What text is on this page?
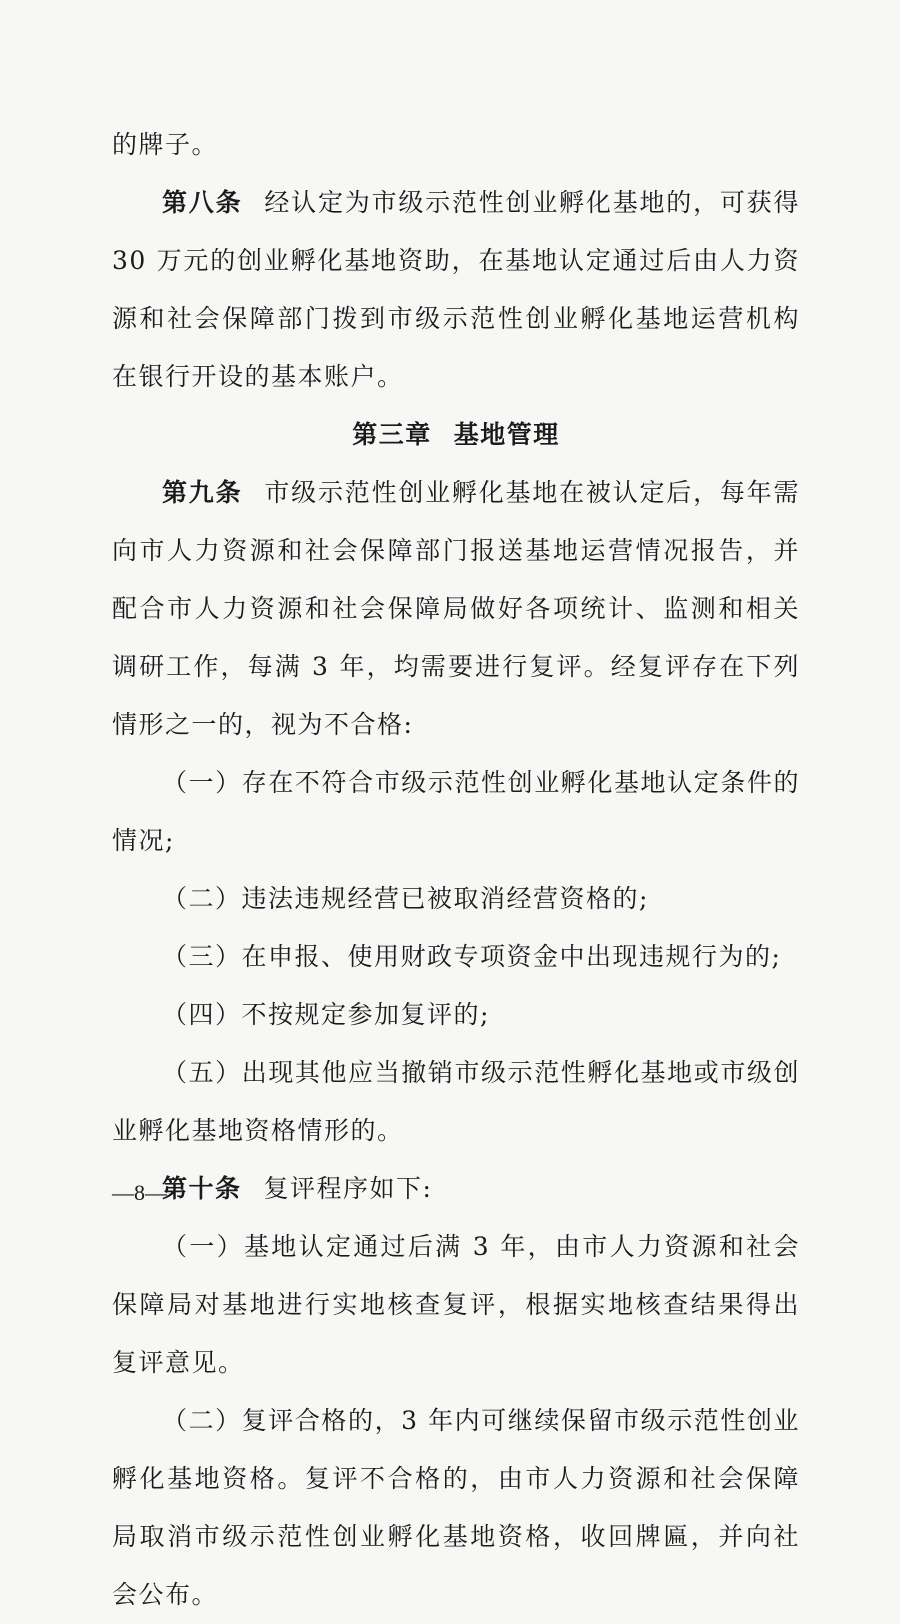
的牌子。

第八条 经认定为市级示范性创业孵化基地的，可获得 30 万元的创业孵化基地资助，在基地认定通过后由人力资源和社会保障部门拨到市级示范性创业孵化基地运营机构在银行开设的基本账户。

第三章 基地管理

第九条 市级示范性创业孵化基地在被认定后，每年需向市人力资源和社会保障部门报送基地运营情况报告，并配合市人力资源和社会保障局做好各项统计、监测和相关调研工作，每满 3 年，均需要进行复评。经复评存在下列情形之一的，视为不合格:

（一）存在不符合市级示范性创业孵化基地认定条件的情况;

（二）违法违规经营已被取消经营资格的;

（三）在申报、使用财政专项资金中出现违规行为的;

（四）不按规定参加复评的;

（五）出现其他应当撤销市级示范性孵化基地或市级创业孵化基地资格情形的。

第十条 复评程序如下:

（一）基地认定通过后满 3 年，由市人力资源和社会保障局对基地进行实地核查复评，根据实地核查结果得出复评意见。

（二）复评合格的，3 年内可继续保留市级示范性创业孵化基地资格。复评不合格的，由市人力资源和社会保障局取消市级示范性创业孵化基地资格，收回牌匾，并向社会公布。

—8—
